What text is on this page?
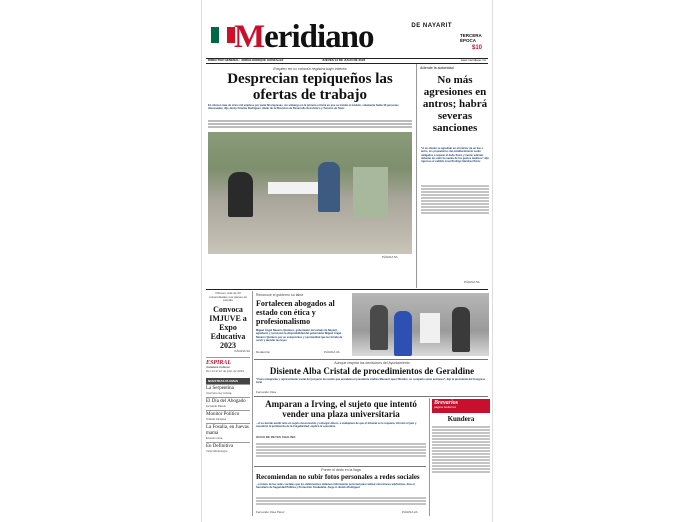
Meridiano	DE NAYARIT
TERCERA ÉPOCA
$10
DIRECTOR GENERAL: JORGE ENRIQUE GONZÁLEZ	JUEVES 13 DE JULIO DE 2023	www.meridiano.mx
Empleo en tu colonia registra bajo interés
Desprecian tepiqueños las ofertas de trabajo
En ofrecen más de cinco mil empleos por parte 60 empresas, sin embargo en la primera colonia en que se instaló el módulo, solamente había 40 personas interesadas; dijo Jenny Ornelas Rodríguez, titular de la Dirección de Desarrollo Económico y Turismo de Tepic
PÁGINA 5A
Atiende la autoridad
No más agresiones en antros; habrá severas sanciones
"A un cliente se agredido en el interior de un bar o antro, los propietarios del establecimiento serán obligados a reparar el daño físico y moral, además deberán de subir la cuenta de los gastos médicos" dijo riguroso el cabildo José Rodrigo Sánchez Pérez
PÁGINA 5A
Ofrecen más de 20 universidades sus planes de estudio
Convoca IMJUVE a Expo Educativa 2023
PÁGINA 3A
ESPIRAL
Cartelera Cultural
Del 14 al 22 de julio de 2023
NUESTRAS PLUMAS
La Serpentina
Una hora muy curiosa
El Día del Abogado
Fernando Ravelo
Monitor Político
Orlando Hinojosa
La Fosalia, en Juevas mamá
Ernesto Loera
En Definitiva
Víctor Montenegro
Reconoce el gobierno su labor
Fortalecen abogados al estado con ética y profesionalismo
Miguel Ángel Navarro Quintero, gobernador del estado de Nayarit, agradeció y reconoció la disponibilidad del gobernador Miguel Ángel Navarro Quintero por su compromiso y oportunidad que les brinda de servir y atender las leyes
Redacción	PÁGINA 3A
Aunque respeta las decisiones del Ayuntamiento
Disiente Alba Cristal de procedimientos de Geraldine
"Como integrante y representante social del proyecto de nación que encabeza el presidente Andrés Manuel López Obrador, no comparto estas acciones", dijo la presidenta del Congreso local
Fernando Olea
Amparan a Irving, el sujeto que intentó vender una plaza universitaria
...el es decide acudir ante un sujeto desconocido y entregar dinero, a cualquiera de que el tribunal se le requiera, informó el juez y cuestionó la pertinencia de la irregularidad; explicó la secretaria
HUGO DE REYES CHALINO
Brevarios
página Gutiérrez
Kundera
Ponen el dedo en la llaga
Recomiendan no subir fotos personales a redes sociales
...a través de las redes sociales que los delincuentes obtienen información personal para realizar extorsiones telefónicas, dice el Secretario de Seguridad Pública y Protección Ciudadana, Jorge A. Benito Rodríguez
Fernando Olea Pérez	PÁGINA 2A
